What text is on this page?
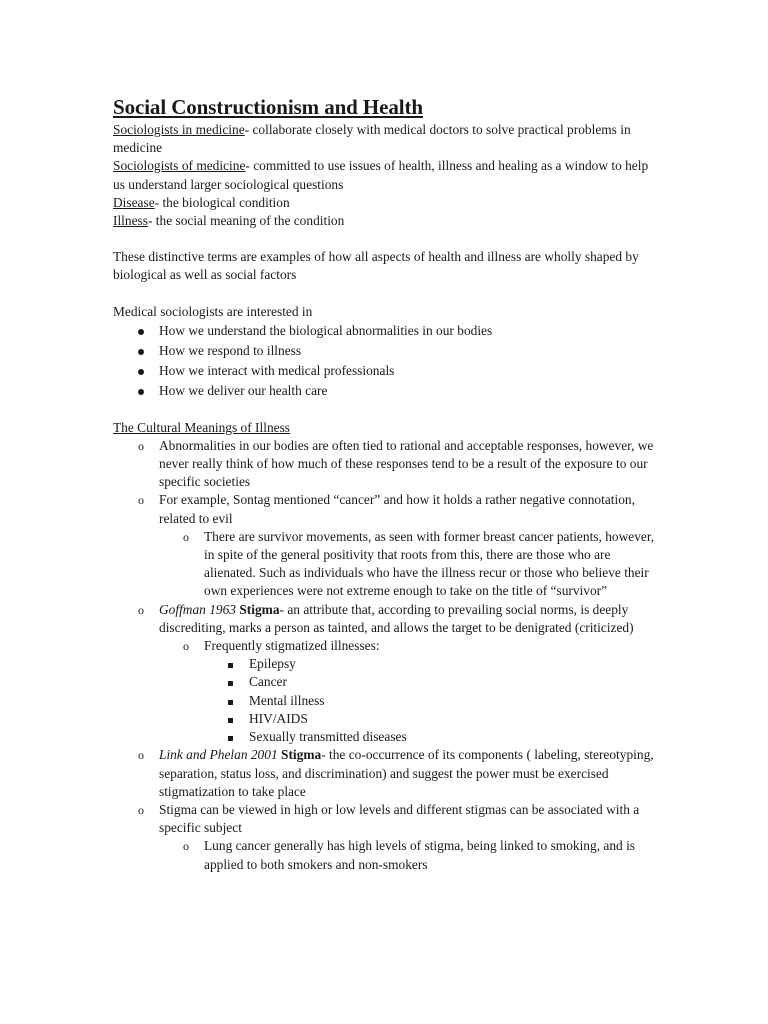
Social Constructionism and Health

Sociologists in medicine- collaborate closely with medical doctors to solve practical problems in medicine

Sociologists of medicine- committed to use issues of health, illness and healing as a window to help us understand larger sociological questions

Disease- the biological condition

Illness- the social meaning of the condition

These distinctive terms are examples of how all aspects of health and illness are wholly shaped by biological as well as social factors

Medical sociologists are interested in

How we understand the biological abnormalities in our bodies
How we respond to illness
How we interact with medical professionals
How we deliver our health care

The Cultural Meanings of Illness

o	Abnormalities in our bodies are often tied to rational and acceptable responses, however, we never really think of how much of these responses tend to be a result of the exposure to our specific societies
o	For example, Sontag mentioned “cancer” and how it holds a rather negative connotation, related to evil
o	There are survivor movements, as seen with former breast cancer patients, however, in spite of the general positivity that roots from this, there are those who are alienated. Such as individuals who have the illness recur or those who believe their own experiences were not extreme enough to take on the title of “survivor”
o	Goffman 1963 Stigma- an attribute that, according to prevailing social norms, is deeply discrediting, marks a person as tainted, and allows the target to be denigrated (criticized)
o	Frequently stigmatized illnesses:
Epilepsy
Cancer
Mental illness
HIV/AIDS
Sexually transmitted diseases
o	Link and Phelan 2001 Stigma- the co-occurrence of its components ( labeling, stereotyping, separation, status loss, and discrimination) and suggest the power must be exercised stigmatization to take place
o	Stigma can be viewed in high or low levels and different stigmas can be associated with a specific subject
o	Lung cancer generally has high levels of stigma, being linked to smoking, and is applied to both smokers and non-smokers
